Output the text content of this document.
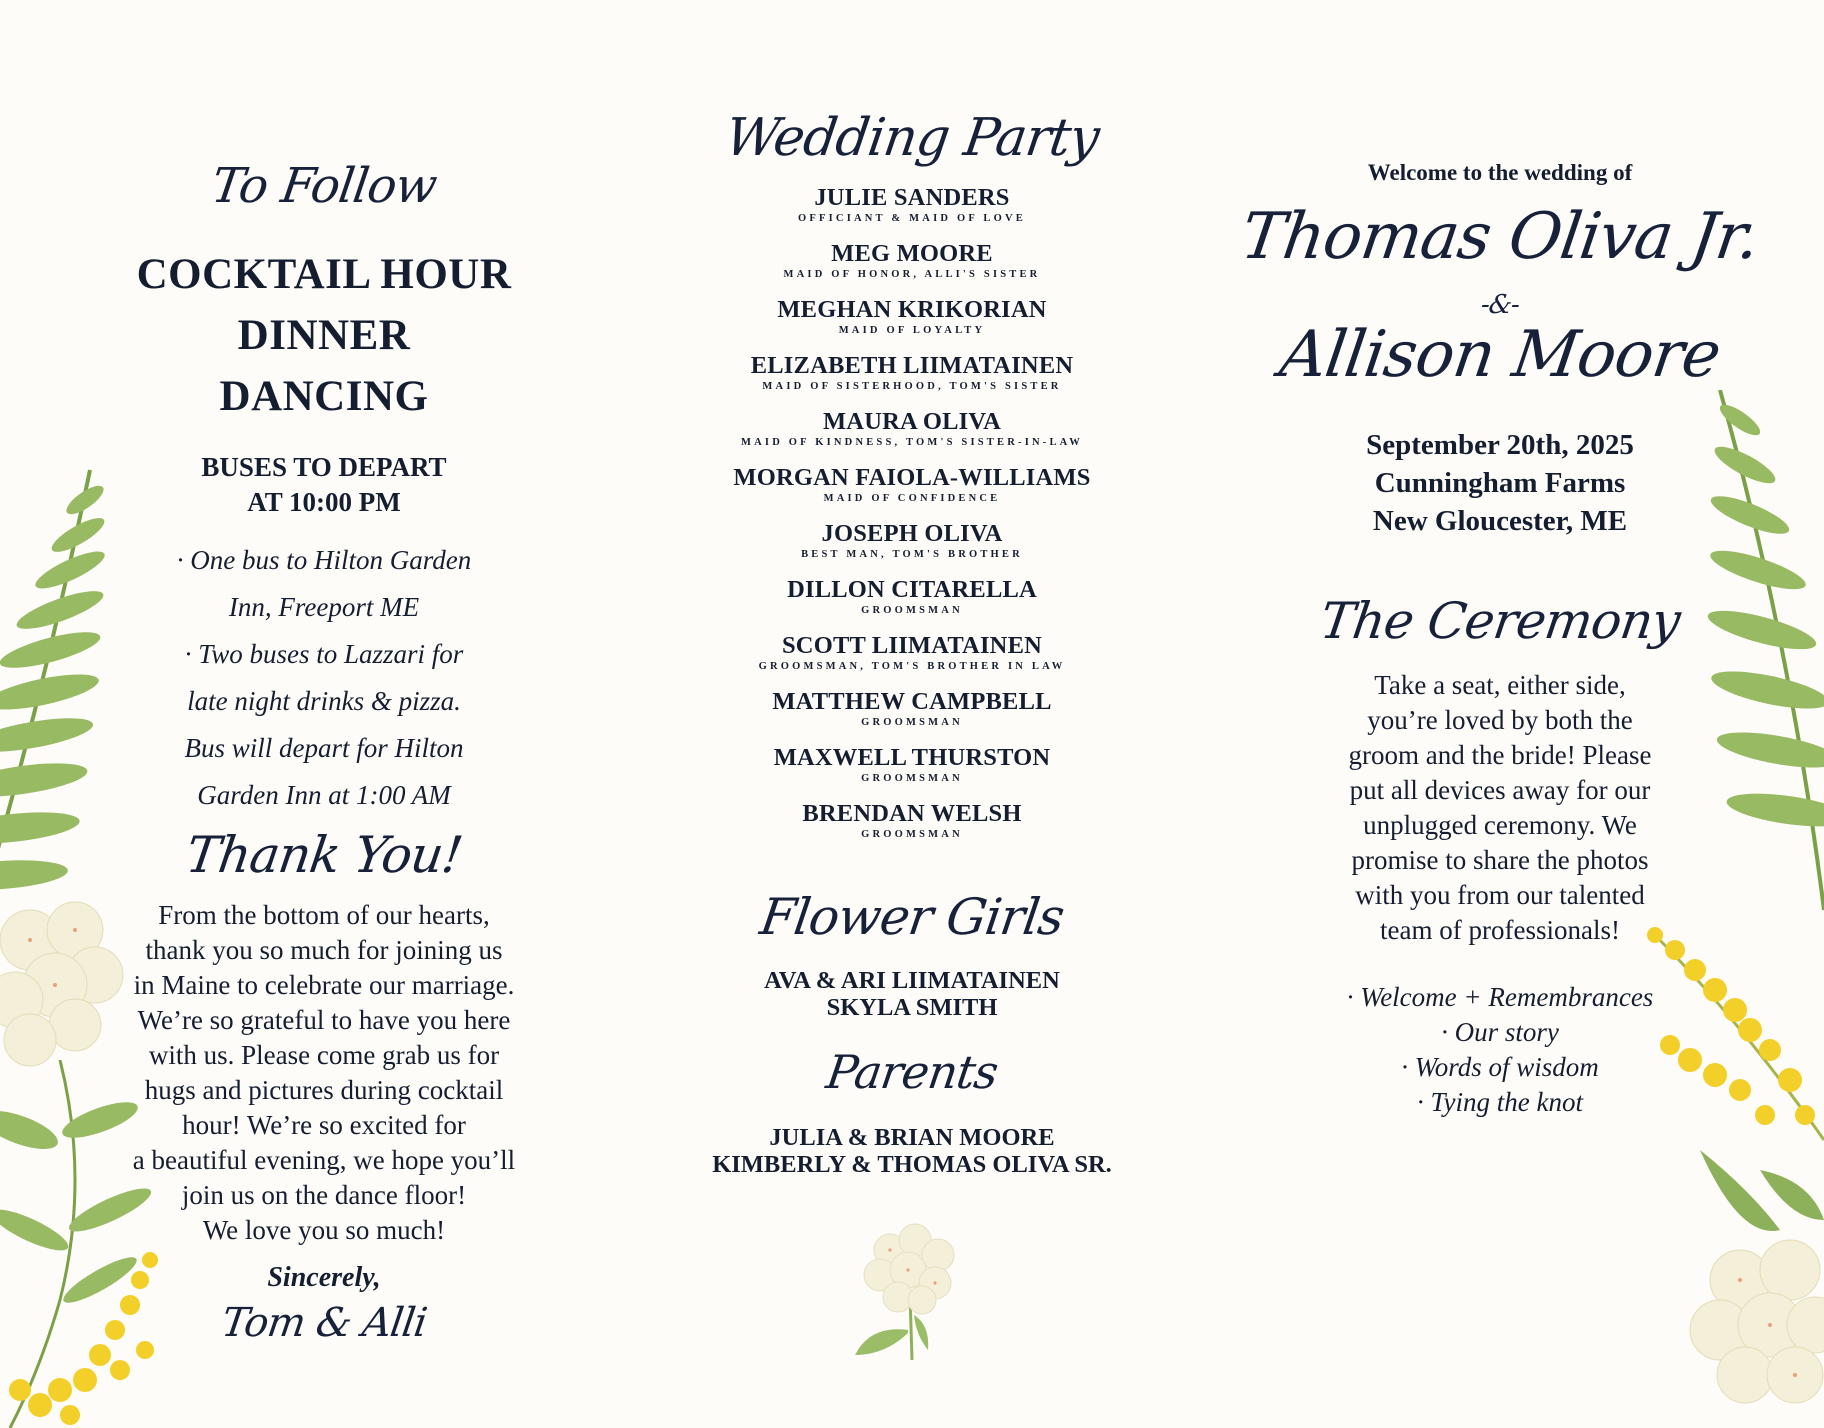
To Follow
COCKTAIL HOUR
DINNER
DANCING
BUSES TO DEPART
AT 10:00 PM
· One bus to Hilton Garden
Inn, Freeport ME
· Two buses to Lazzari for
late night drinks & pizza.
Bus will depart for Hilton
Garden Inn at 1:00 AM
Thank You!
From the bottom of our hearts,
thank you so much for joining us
in Maine to celebrate our marriage.
We’re so grateful to have you here
with us. Please come grab us for
hugs and pictures during cocktail
hour! We’re so excited for
a beautiful evening, we hope you’ll
join us on the dance floor!
We love you so much!
Sincerely,
Tom & Alli
Wedding Party
JULIE SANDERS
OFFICIANT & MAID OF LOVE
MEG MOORE
MAID OF HONOR, ALLI'S SISTER
MEGHAN KRIKORIAN
MAID OF LOYALTY
ELIZABETH LIIMATAINEN
MAID OF SISTERHOOD, TOM'S SISTER
MAURA OLIVA
MAID OF KINDNESS, TOM'S SISTER-IN-LAW
MORGAN FAIOLA-WILLIAMS
MAID OF CONFIDENCE
JOSEPH OLIVA
BEST MAN, TOM'S BROTHER
DILLON CITARELLA
GROOMSMAN
SCOTT LIIMATAINEN
GROOMSMAN, TOM'S BROTHER IN LAW
MATTHEW CAMPBELL
GROOMSMAN
MAXWELL THURSTON
GROOMSMAN
BRENDAN WELSH
GROOMSMAN
Flower Girls
AVA & ARI LIIMATAINEN
SKYLA SMITH
Parents
JULIA & BRIAN MOORE
KIMBERLY & THOMAS OLIVA SR.
Welcome to the wedding of
Thomas Oliva Jr.
-&-
Allison Moore
September 20th, 2025
Cunningham Farms
New Gloucester, ME
The Ceremony
Take a seat, either side,
you’re loved by both the
groom and the bride! Please
put all devices away for our
unplugged ceremony. We
promise to share the photos
with you from our talented
team of professionals!
· Welcome + Remembrances
· Our story
· Words of wisdom
· Tying the knot
